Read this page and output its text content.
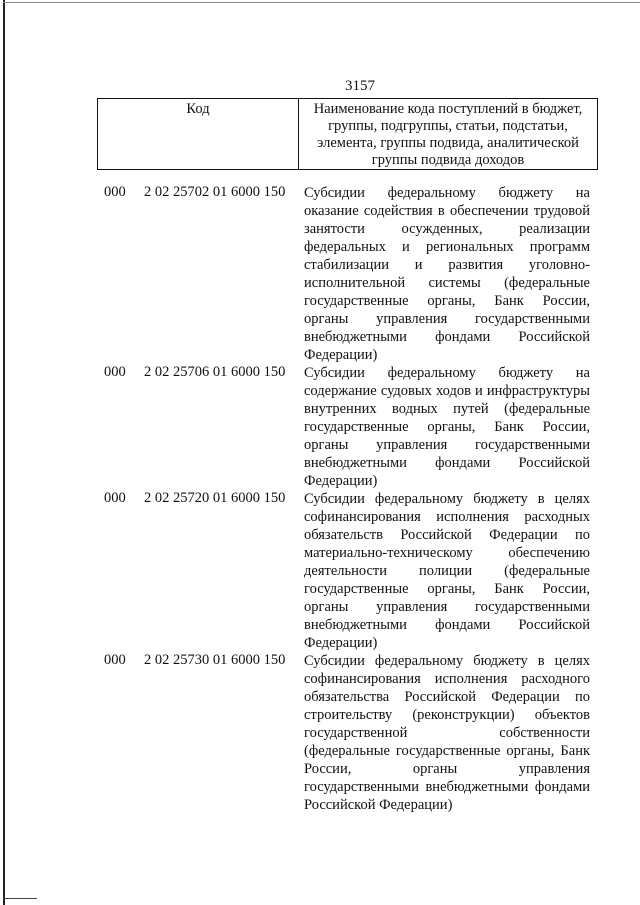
3157
Код	Наименование кода поступлений в бюджет, группы, подгруппы, статьи, подстатьи, элемента, группы подвида, аналитической группы подвида доходов
000	2 02 25702 01 6000 150	Субсидии федеральному бюджету на оказание содействия в обеспечении трудовой занятости осужденных, реализации федеральных и региональных программ стабилизации и развития уголовно-исполнительной системы (федеральные государственные органы, Банк России, органы управления государственными внебюджетными фондами Российской Федерации)
000	2 02 25706 01 6000 150	Субсидии федеральному бюджету на содержание судовых ходов и инфраструктуры внутренних водных путей (федеральные государственные органы, Банк России, органы управления государственными внебюджетными фондами Российской Федерации)
000	2 02 25720 01 6000 150	Субсидии федеральному бюджету в целях софинансирования исполнения расходных обязательств Российской Федерации по материально-техническому обеспечению деятельности полиции (федеральные государственные органы, Банк России, органы управления государственными внебюджетными фондами Российской Федерации)
000	2 02 25730 01 6000 150	Субсидии федеральному бюджету в целях софинансирования исполнения расходного обязательства Российской Федерации по строительству (реконструкции) объектов государственной собственности (федеральные государственные органы, Банк России, органы управления государственными внебюджетными фондами Российской Федерации)
